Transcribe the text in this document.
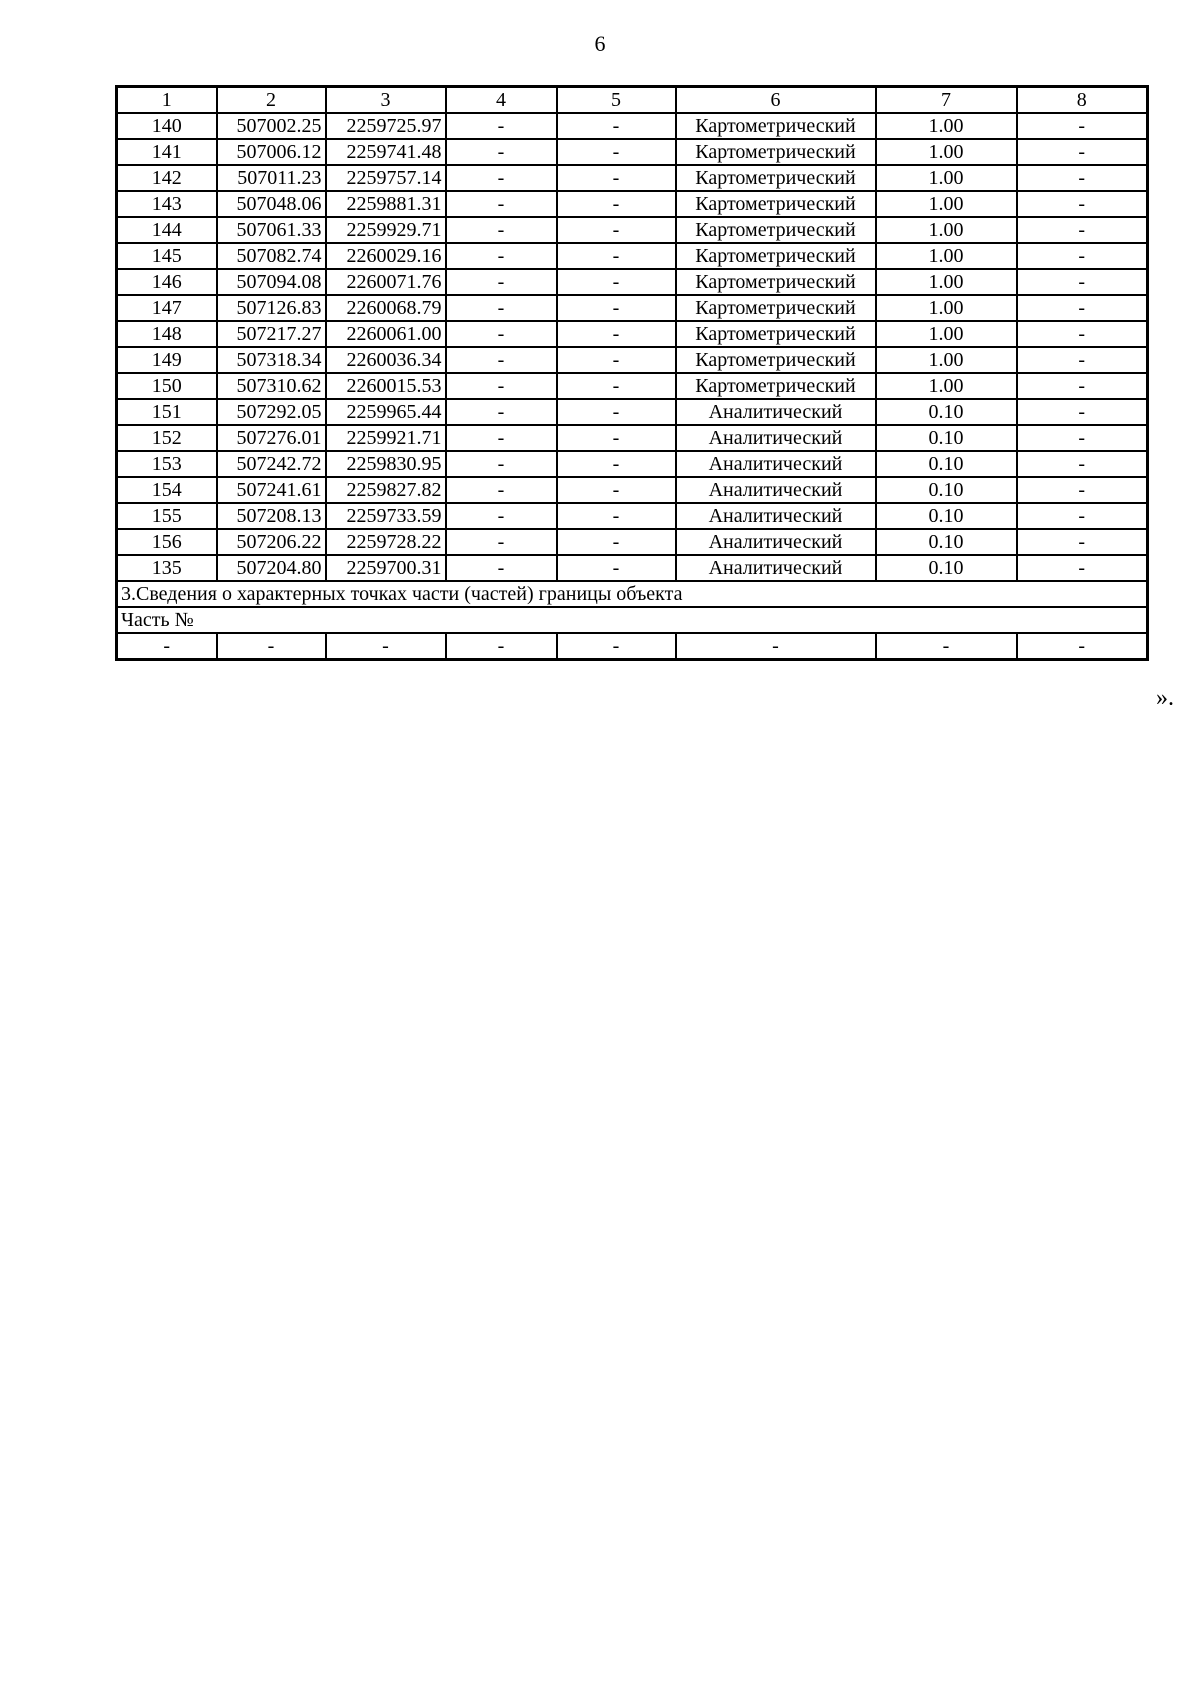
6
1	2	3	4	5	6	7	8
140	507002.25	2259725.97	-	-	Картометрический	1.00	-
141	507006.12	2259741.48	-	-	Картометрический	1.00	-
142	507011.23	2259757.14	-	-	Картометрический	1.00	-
143	507048.06	2259881.31	-	-	Картометрический	1.00	-
144	507061.33	2259929.71	-	-	Картометрический	1.00	-
145	507082.74	2260029.16	-	-	Картометрический	1.00	-
146	507094.08	2260071.76	-	-	Картометрический	1.00	-
147	507126.83	2260068.79	-	-	Картометрический	1.00	-
148	507217.27	2260061.00	-	-	Картометрический	1.00	-
149	507318.34	2260036.34	-	-	Картометрический	1.00	-
150	507310.62	2260015.53	-	-	Картометрический	1.00	-
151	507292.05	2259965.44	-	-	Аналитический	0.10	-
152	507276.01	2259921.71	-	-	Аналитический	0.10	-
153	507242.72	2259830.95	-	-	Аналитический	0.10	-
154	507241.61	2259827.82	-	-	Аналитический	0.10	-
155	507208.13	2259733.59	-	-	Аналитический	0.10	-
156	507206.22	2259728.22	-	-	Аналитический	0.10	-
135	507204.80	2259700.31	-	-	Аналитический	0.10	-
3.Сведения о характерных точках части (частей) границы объекта							
Часть №							
-	-	-	-	-	-	-	-
».
